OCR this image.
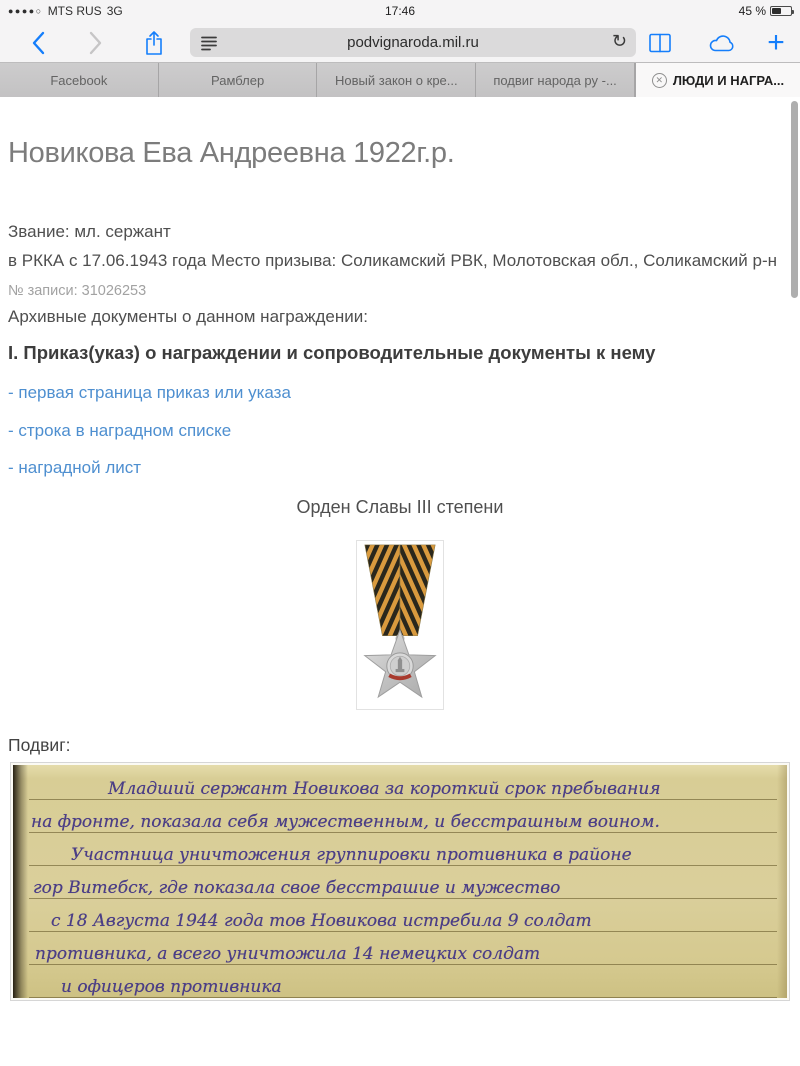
●●●●○ MTS RUS 3G	17:46	45 %
podvignaroda.mil.ru	↻	+
Facebook	Рамблер	Новый закон о кре...	подвиг народа ру -...	✕ ЛЮДИ И НАГРА...
Новикова Ева Андреевна 1922г.р.
Звание: мл. сержант
в РККА с 17.06.1943 года Место призыва: Соликамский РВК, Молотовская обл., Соликамский р-н
№ записи: 31026253
Архивные документы о данном награждении:
I. Приказ(указ) о награждении и сопроводительные документы к нему
- первая страница приказ или указа
- строка в наградном списке
- наградной лист
Орден Славы III степени
Подвиг:
Младший сержант Новикова за короткий срок пребывания
на фронте, показала себя мужественным, и бесстрашным воином.
Участница уничтожения группировки противника в районе
гор Витебск, где показала свое бесстрашие и мужество
с 18 Августа 1944 года тов Новикова истребила 9 солдат
противника, а всего уничтожила 14 немецких солдат
и офицеров противника
